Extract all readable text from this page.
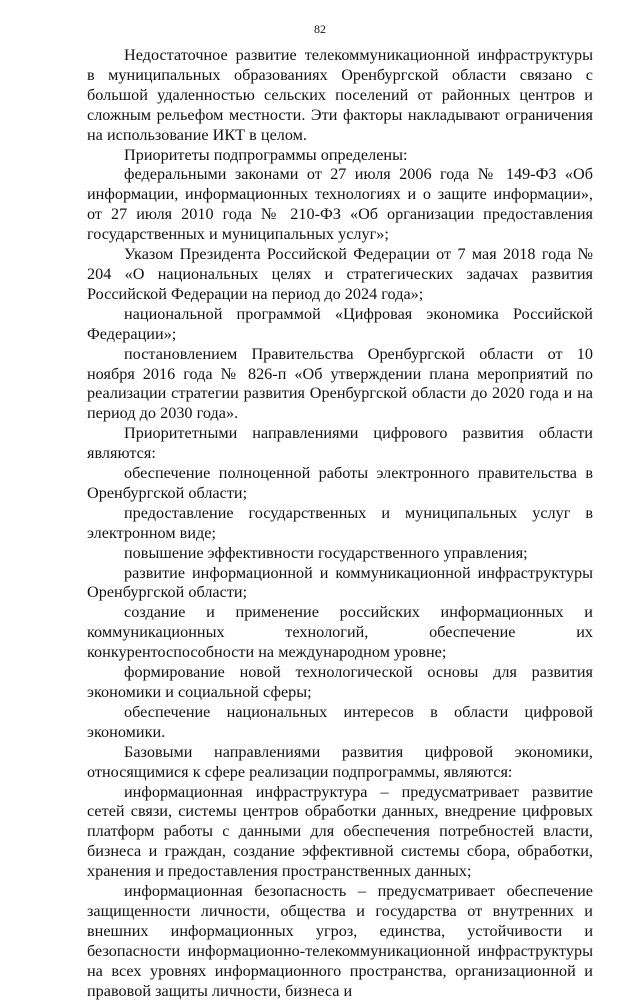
82

Недостаточное развитие телекоммуникационной инфраструктуры в муниципальных образованиях Оренбургской области связано с большой удаленностью сельских поселений от районных центров и сложным рельефом местности. Эти факторы накладывают ограничения на использование ИКТ в целом.

Приоритеты подпрограммы определены:

федеральными законами от 27 июля 2006 года № 149-ФЗ «Об информации, информационных технологиях и о защите информации», от 27 июля 2010 года № 210-ФЗ «Об организации предоставления государственных и муниципальных услуг»;

Указом Президента Российской Федерации от 7 мая 2018 года № 204 «О национальных целях и стратегических задачах развития Российской Федерации на период до 2024 года»;

национальной программой «Цифровая экономика Российской Федерации»;

постановлением Правительства Оренбургской области от 10 ноября 2016 года № 826-п «Об утверждении плана мероприятий по реализации стратегии развития Оренбургской области до 2020 года и на период до 2030 года».

Приоритетными направлениями цифрового развития области являются:

обеспечение полноценной работы электронного правительства в Оренбургской области;

предоставление государственных и муниципальных услуг в электронном виде;

повышение эффективности государственного управления;

развитие информационной и коммуникационной инфраструктуры Оренбургской области;

создание и применение российских информационных и коммуникационных технологий, обеспечение их конкурентоспособности на международном уровне;

формирование новой технологической основы для развития экономики и социальной сферы;

обеспечение национальных интересов в области цифровой экономики.

Базовыми направлениями развития цифровой экономики, относящимися к сфере реализации подпрограммы, являются:

информационная инфраструктура – предусматривает развитие сетей связи, системы центров обработки данных, внедрение цифровых платформ работы с данными для обеспечения потребностей власти, бизнеса и граждан, создание эффективной системы сбора, обработки, хранения и предоставления пространственных данных;

информационная безопасность – предусматривает обеспечение защищенности личности, общества и государства от внутренних и внешних информационных угроз, единства, устойчивости и безопасности информационно-телекоммуникационной инфраструктуры на всех уровнях информационного пространства, организационной и правовой защиты личности, бизнеса и
